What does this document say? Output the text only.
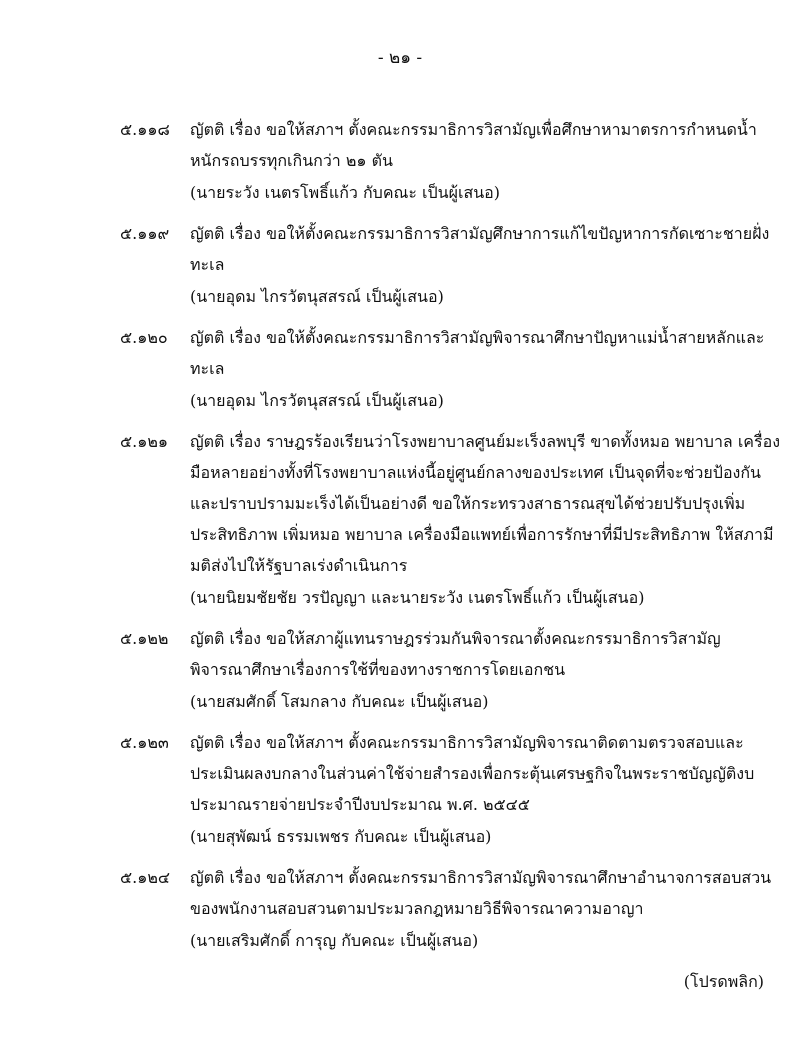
- ๒๑ -
๕.๑๑๘	ญัตติ เรื่อง ขอให้สภาฯ ตั้งคณะกรรมาธิการวิสามัญเพื่อศึกษาหามาตรการกำหนดน้ำหนักรถบรรทุกเกินกว่า ๒๑ ตัน
(นายระวัง เนตรโพธิ์แก้ว กับคณะ เป็นผู้เสนอ)
๕.๑๑๙	ญัตติ เรื่อง ขอให้ตั้งคณะกรรมาธิการวิสามัญศึกษาการแก้ไขปัญหาการกัดเซาะชายฝั่งทะเล
(นายอุดม ไกรวัตนุสสรณ์ เป็นผู้เสนอ)
๕.๑๒๐	ญัตติ เรื่อง ขอให้ตั้งคณะกรรมาธิการวิสามัญพิจารณาศึกษาปัญหาแม่น้ำสายหลักและทะเล
(นายอุดม ไกรวัตนุสสรณ์ เป็นผู้เสนอ)
๕.๑๒๑	ญัตติ เรื่อง ราษฎรร้องเรียนว่าโรงพยาบาลศูนย์มะเร็งลพบุรี ขาดทั้งหมอ พยาบาล เครื่องมือหลายอย่างทั้งที่โรงพยาบาลแห่งนี้อยู่ศูนย์กลางของประเทศ เป็นจุดที่จะช่วยป้องกันและปราบปรามมะเร็งได้เป็นอย่างดี ขอให้กระทรวงสาธารณสุขได้ช่วยปรับปรุงเพิ่มประสิทธิภาพ เพิ่มหมอ พยาบาล เครื่องมือแพทย์เพื่อการรักษาที่มีประสิทธิภาพ ให้สภามีมติส่งไปให้รัฐบาลเร่งดำเนินการ
(นายนิยมชัยชัย วรปัญญา และนายระวัง เนตรโพธิ์แก้ว เป็นผู้เสนอ)
๕.๑๒๒	ญัตติ เรื่อง ขอให้สภาผู้แทนราษฎรร่วมกันพิจารณาตั้งคณะกรรมาธิการวิสามัญพิจารณาศึกษาเรื่องการใช้ที่ของทางราชการโดยเอกชน
(นายสมศักดิ์ โสมกลาง กับคณะ เป็นผู้เสนอ)
๕.๑๒๓	ญัตติ เรื่อง ขอให้สภาฯ ตั้งคณะกรรมาธิการวิสามัญพิจารณาติดตามตรวจสอบและประเมินผลงบกลางในส่วนค่าใช้จ่ายสำรองเพื่อกระตุ้นเศรษฐกิจในพระราชบัญญัติงบประมาณรายจ่ายประจำปีงบประมาณ พ.ศ. ๒๕๔๕
(นายสุพัฒน์ ธรรมเพชร กับคณะ เป็นผู้เสนอ)
๕.๑๒๔	ญัตติ เรื่อง ขอให้สภาฯ ตั้งคณะกรรมาธิการวิสามัญพิจารณาศึกษาอำนาจการสอบสวนของพนักงานสอบสวนตามประมวลกฎหมายวิธีพิจารณาความอาญา
(นายเสริมศักดิ์ การุญ กับคณะ เป็นผู้เสนอ)
(โปรดพลิก)
